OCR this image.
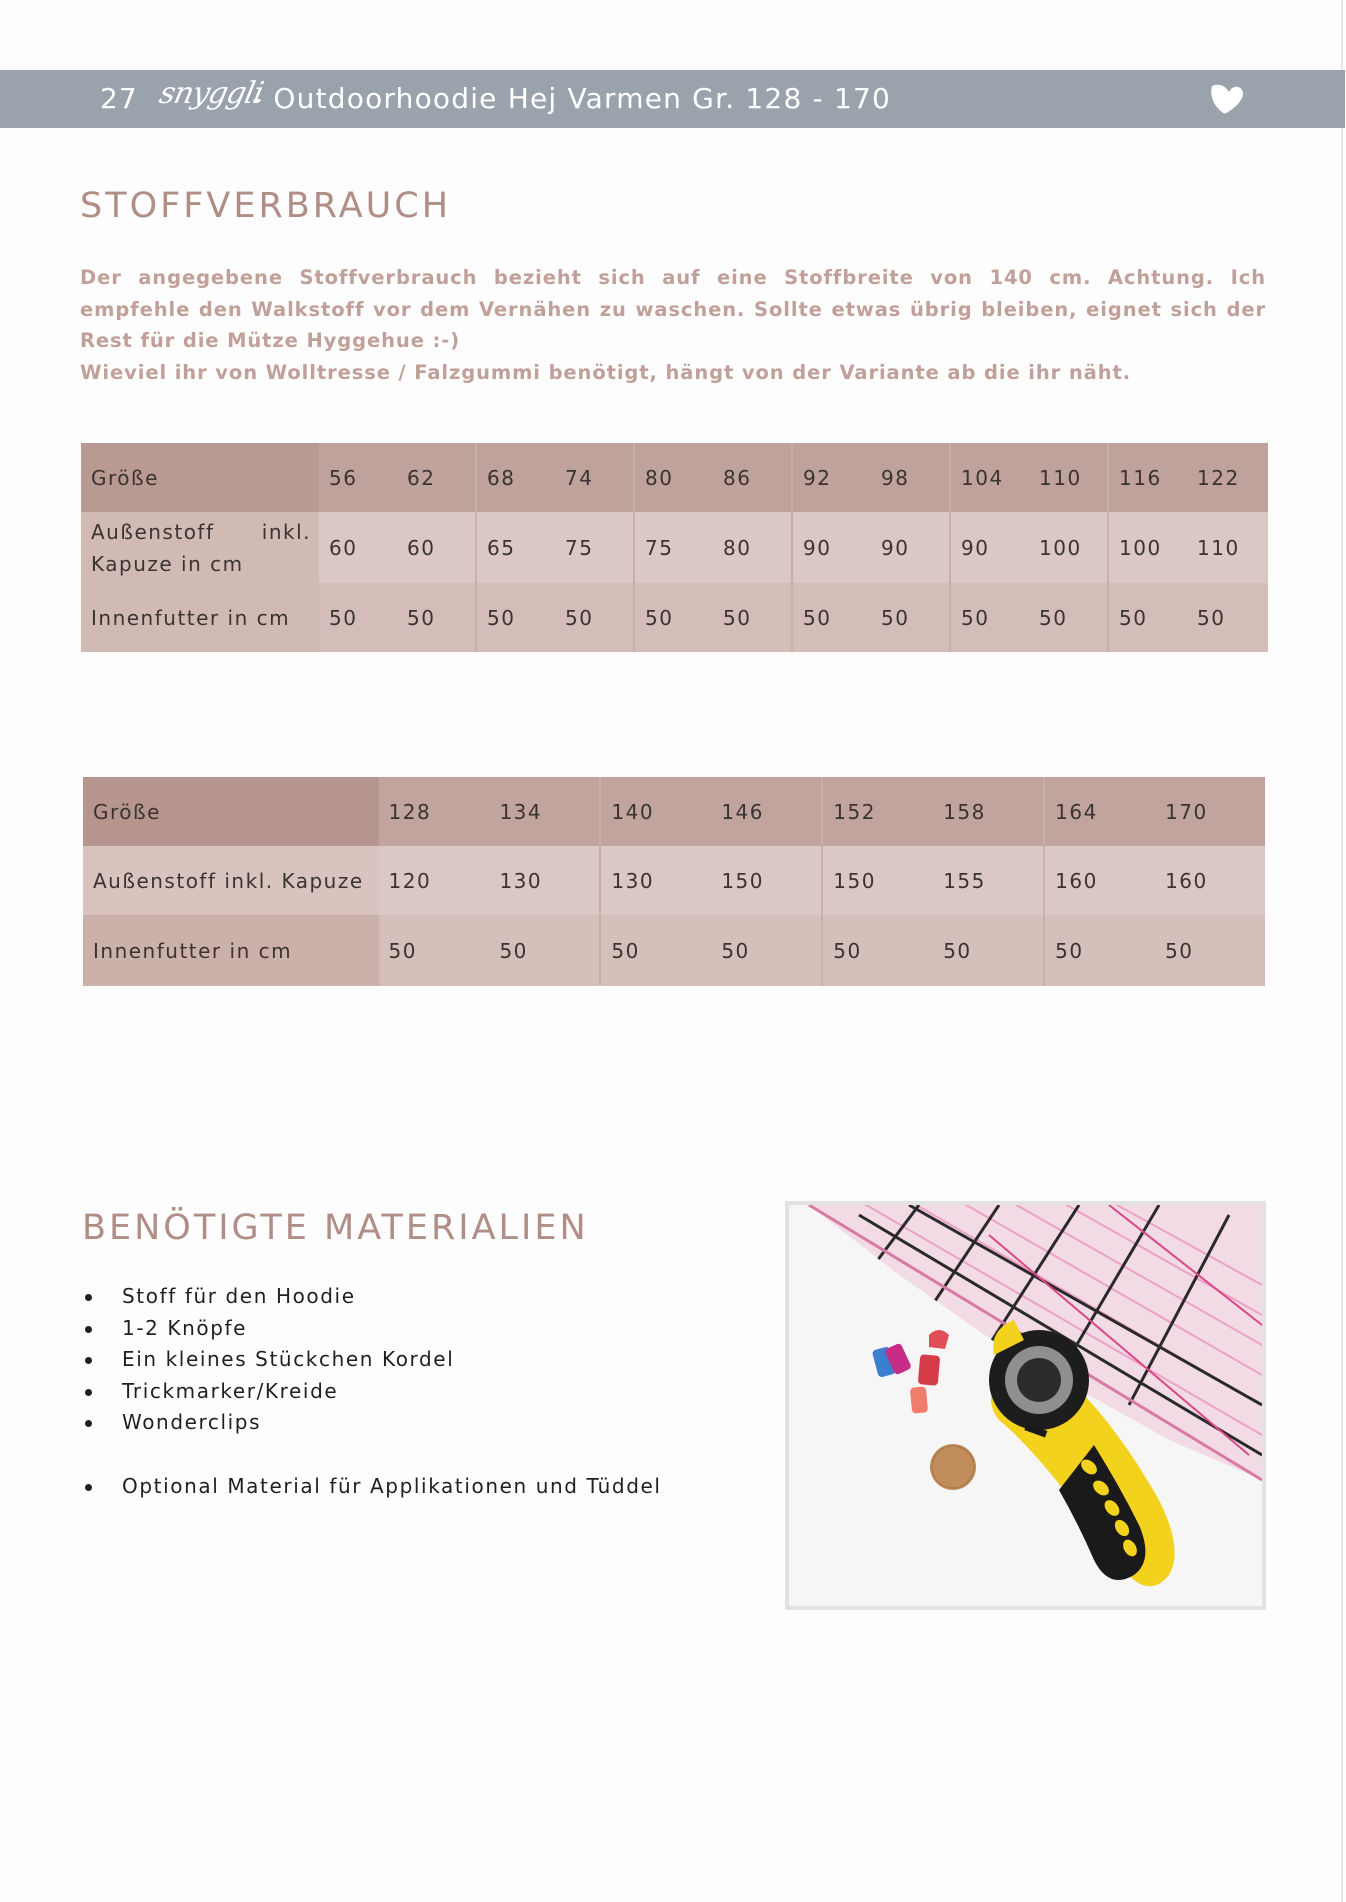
27 snyggli
- Outdoorhoodie Hej Varmen Gr. 128 - 170
STOFFVERBRAUCH

Der angegebene Stoffverbrauch bezieht sich auf eine Stoffbreite von 140 cm. Achtung. Ich empfehle den Walkstoff vor dem Vernähen zu waschen. Sollte etwas übrig bleiben, eignet sich der Rest für die Mütze Hyggehue :-)

Wieviel ihr von Wolltresse / Falzgummi benötigt, hängt von der Variante ab die ihr näht.

Größe	56	62	68	74	80	86	92	98	104	110	116	122

Außenstoff inkl.
Kapuze in cm	60	60	65	75	75	80	90	90	90	100	100	110
Innenfutter in cm	50	50	50	50	50	50	50	50	50	50	50	50
Größe	128	134	140	146	152	158	164	170
Außenstoff inkl. Kapuze	120	130	130	150	150	155	160	160
Innenfutter in cm	50	50	50	50	50	50	50	50
BENÖTIGTE MATERIALIEN
Stoff für den Hoodie
1-2 Knöpfe
Ein kleines Stückchen Kordel
Trickmarker/Kreide
Wonderclips
Optional Material für Applikationen und Tüddel
